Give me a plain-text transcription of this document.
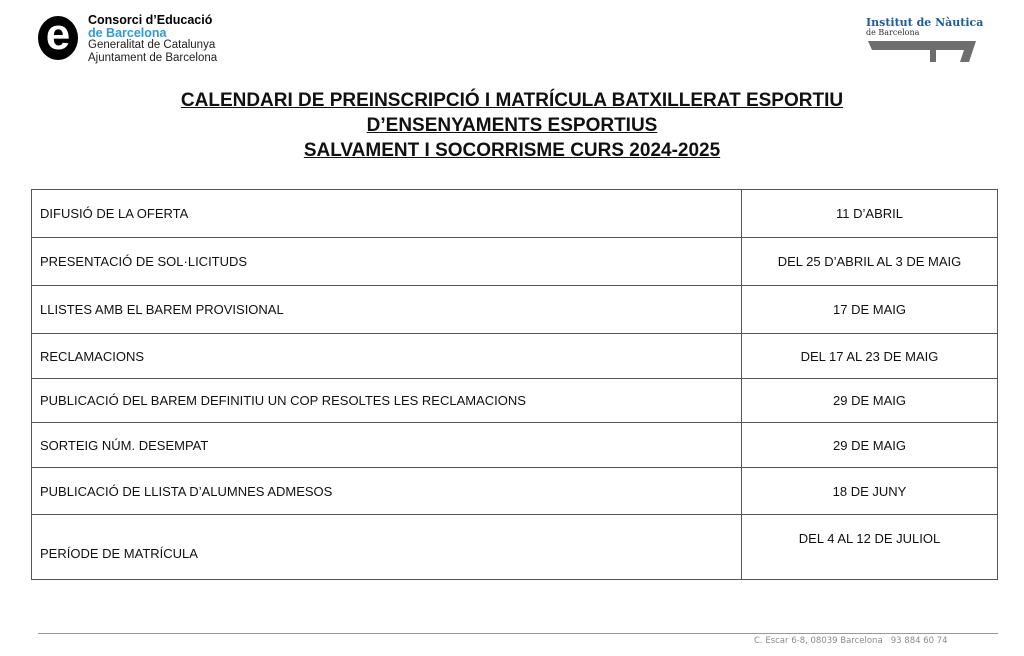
e Consorci d’Educació
de Barcelona
Generalitat de Catalunya
Ajuntament de Barcelona
Institut de Nàutica
de Barcelona
CALENDARI DE PREINSCRIPCIÓ I MATRÍCULA BATXILLERAT ESPORTIU
D’ENSENYAMENTS ESPORTIUS
SALVAMENT I SOCORRISME CURS 2024-2025
DIFUSIÓ DE LA OFERTA	11 D’ABRIL
PRESENTACIÓ DE SOL·LICITUDS	DEL 25 D’ABRIL AL 3 DE MAIG
LLISTES AMB EL BAREM PROVISIONAL	17 DE MAIG
RECLAMACIONS	DEL 17 AL 23 DE MAIG
PUBLICACIÓ DEL BAREM DEFINITIU UN COP RESOLTES LES RECLAMACIONS	29 DE MAIG
SORTEIG NÚM. DESEMPAT	29 DE MAIG
PUBLICACIÓ DE LLISTA D’ALUMNES ADMESOS	18 DE JUNY
PERÍODE DE MATRÍCULA	DEL 4 AL 12 DE JULIOL
C. Escar 6-8, 08039 Barcelona 93 884 60 74
